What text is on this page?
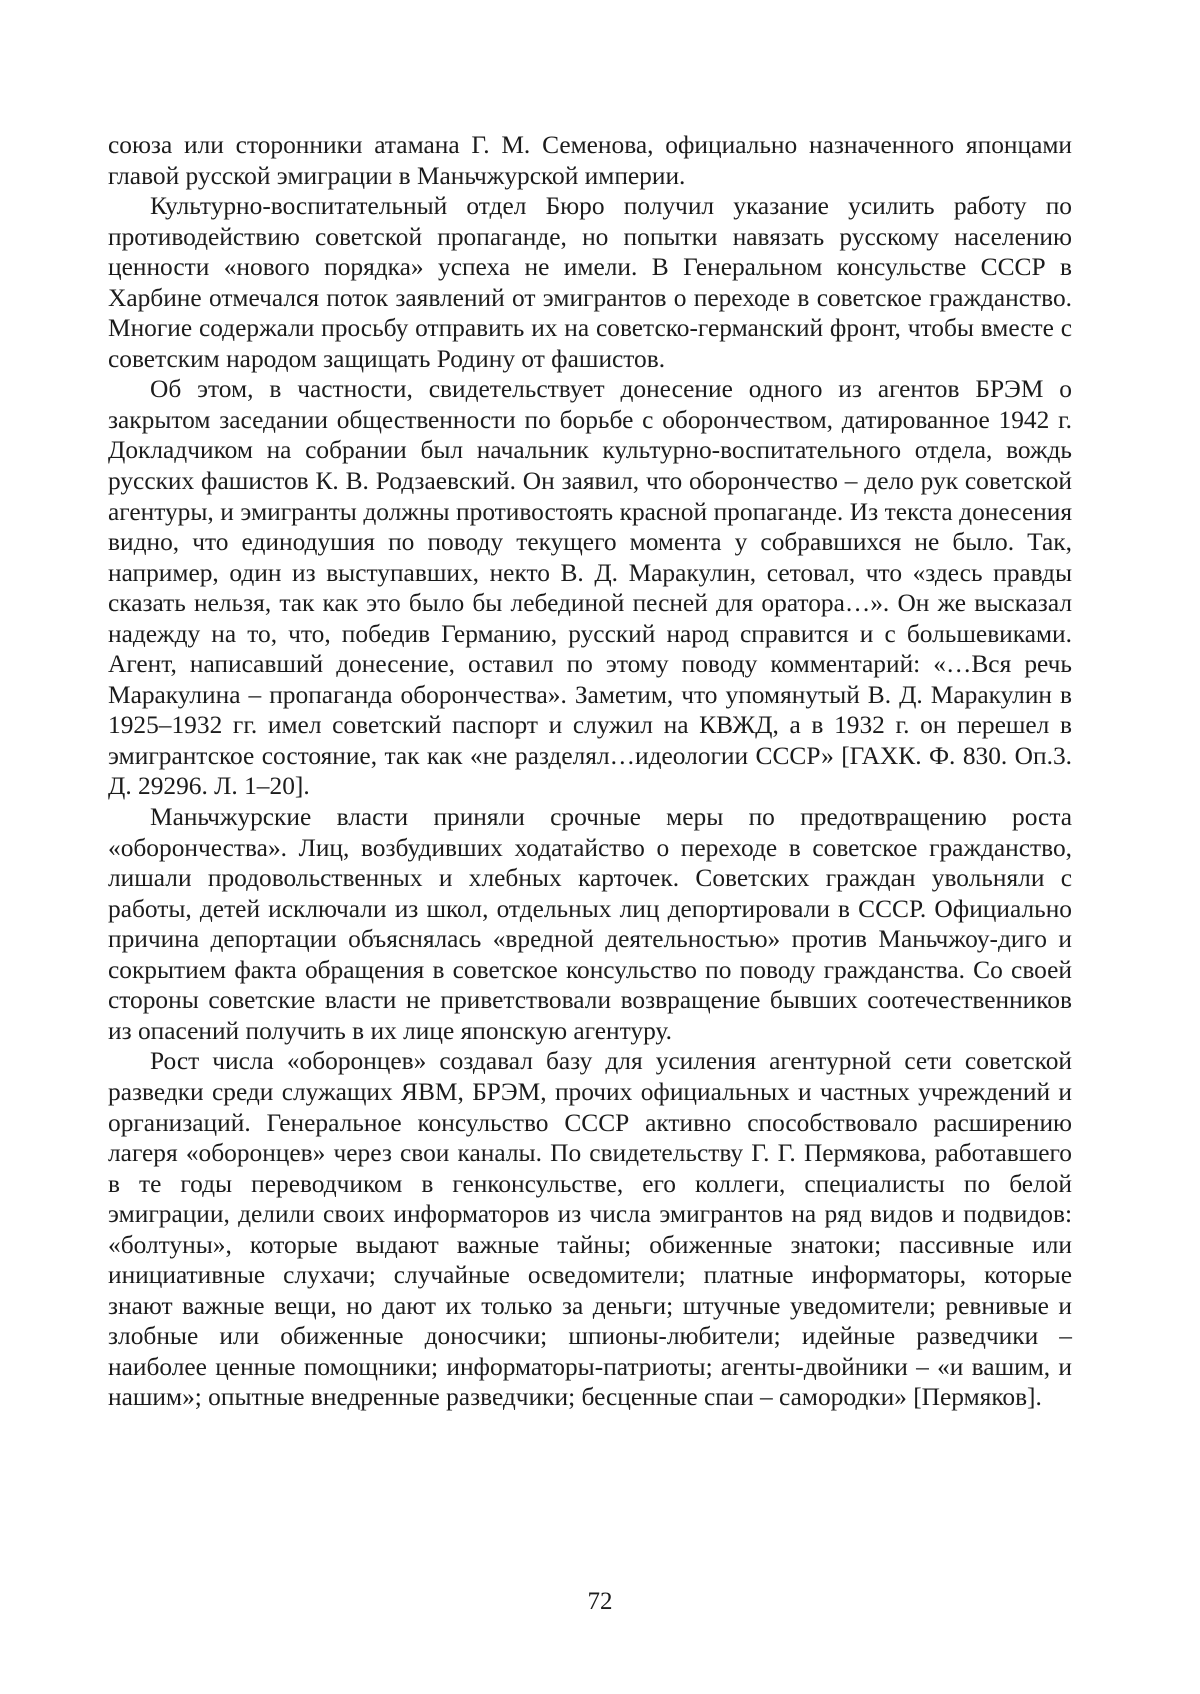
союза или сторонники атамана Г. М. Семенова, официально назначенного японцами главой русской эмиграции в Маньчжурской империи.

Культурно-воспитательный отдел Бюро получил указание усилить работу по противодействию советской пропаганде, но попытки навязать русскому населению ценности «нового порядка» успеха не имели. В Генеральном консульстве СССР в Харбине отмечался поток заявлений от эмигрантов о переходе в советское гражданство. Многие содержали просьбу отправить их на советско-германский фронт, чтобы вместе с советским народом защищать Родину от фашистов.

Об этом, в частности, свидетельствует донесение одного из агентов БРЭМ о закрытом заседании общественности по борьбе с оборончеством, датированное 1942 г. Докладчиком на собрании был начальник культурно-воспитательного отдела, вождь русских фашистов К. В. Родзаевский. Он заявил, что оборончество – дело рук советской агентуры, и эмигранты должны противостоять красной пропаганде. Из текста донесения видно, что единодушия по поводу текущего момента у собравшихся не было. Так, например, один из выступавших, некто В. Д. Маракулин, сетовал, что «здесь правды сказать нельзя, так как это было бы лебединой песней для оратора…». Он же высказал надежду на то, что, победив Германию, русский народ справится и с большевиками. Агент, написавший донесение, оставил по этому поводу комментарий: «…Вся речь Маракулина – пропаганда оборончества». Заметим, что упомянутый В. Д. Маракулин в 1925–1932 гг. имел советский паспорт и служил на КВЖД, а в 1932 г. он перешел в эмигрантское состояние, так как «не разделял…идеологии СССР» [ГАХК. Ф. 830. Оп.3. Д. 29296. Л. 1–20].

Маньчжурские власти приняли срочные меры по предотвращению роста «оборончества». Лиц, возбудивших ходатайство о переходе в советское гражданство, лишали продовольственных и хлебных карточек. Советских граждан увольняли с работы, детей исключали из школ, отдельных лиц депортировали в СССР. Официально причина депортации объяснялась «вредной деятельностью» против Маньчжоу-диго и сокрытием факта обращения в советское консульство по поводу гражданства. Со своей стороны советские власти не приветствовали возвращение бывших соотечественников из опасений получить в их лице японскую агентуру.

Рост числа «оборонцев» создавал базу для усиления агентурной сети советской разведки среди служащих ЯВМ, БРЭМ, прочих официальных и частных учреждений и организаций. Генеральное консульство СССР активно способствовало расширению лагеря «оборонцев» через свои каналы. По свидетельству Г. Г. Пермякова, работавшего в те годы переводчиком в генконсульстве, его коллеги, специалисты по белой эмиграции, делили своих информаторов из числа эмигрантов на ряд видов и подвидов: «болтуны», которые выдают важные тайны; обиженные знатоки; пассивные или инициативные слухачи; случайные осведомители; платные информаторы, которые знают важные вещи, но дают их только за деньги; штучные уведомители; ревнивые и злобные или обиженные доносчики; шпионы-любители; идейные разведчики – наиболее ценные помощники; информаторы-патриоты; агенты-двойники – «и вашим, и нашим»; опытные внедренные разведчики; бесценные спаи – самородки» [Пермяков].

72
